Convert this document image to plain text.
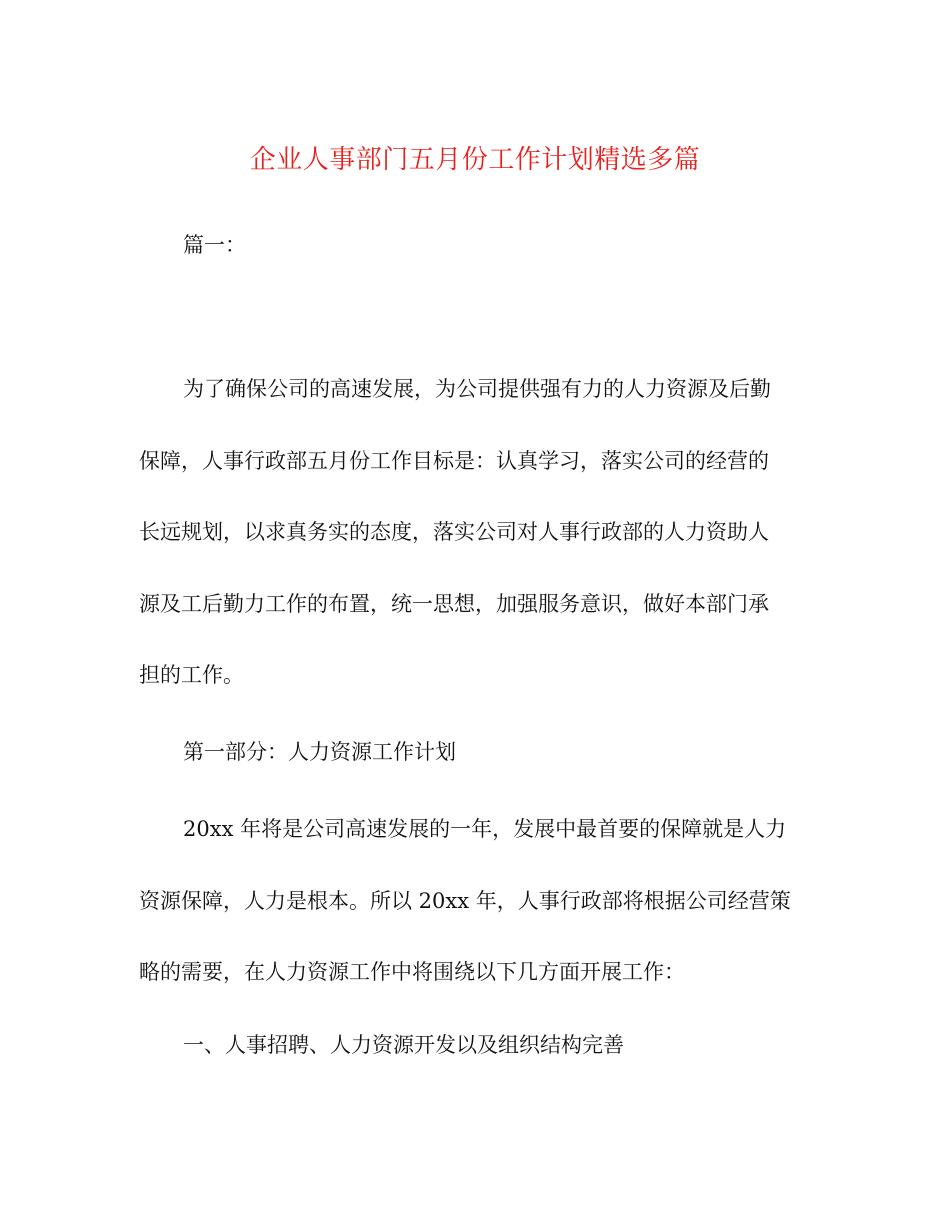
企业人事部门五月份工作计划精选多篇

篇一：

为了确保公司的高速发展，为公司提供强有力的人力资源及后勤
保障，人事行政部五月份工作目标是：认真学习，落实公司的经营的
长远规划，以求真务实的态度，落实公司对人事行政部的人力资助人
源及工后勤力工作的布置，统一思想，加强服务意识，做好本部门承
担的工作。

第一部分：人力资源工作计划

20xx 年将是公司高速发展的一年，发展中最首要的保障就是人力
资源保障，人力是根本。所以 20xx 年，人事行政部将根据公司经营策
略的需要，在人力资源工作中将围绕以下几方面开展工作：

一、人事招聘、人力资源开发以及组织结构完善
